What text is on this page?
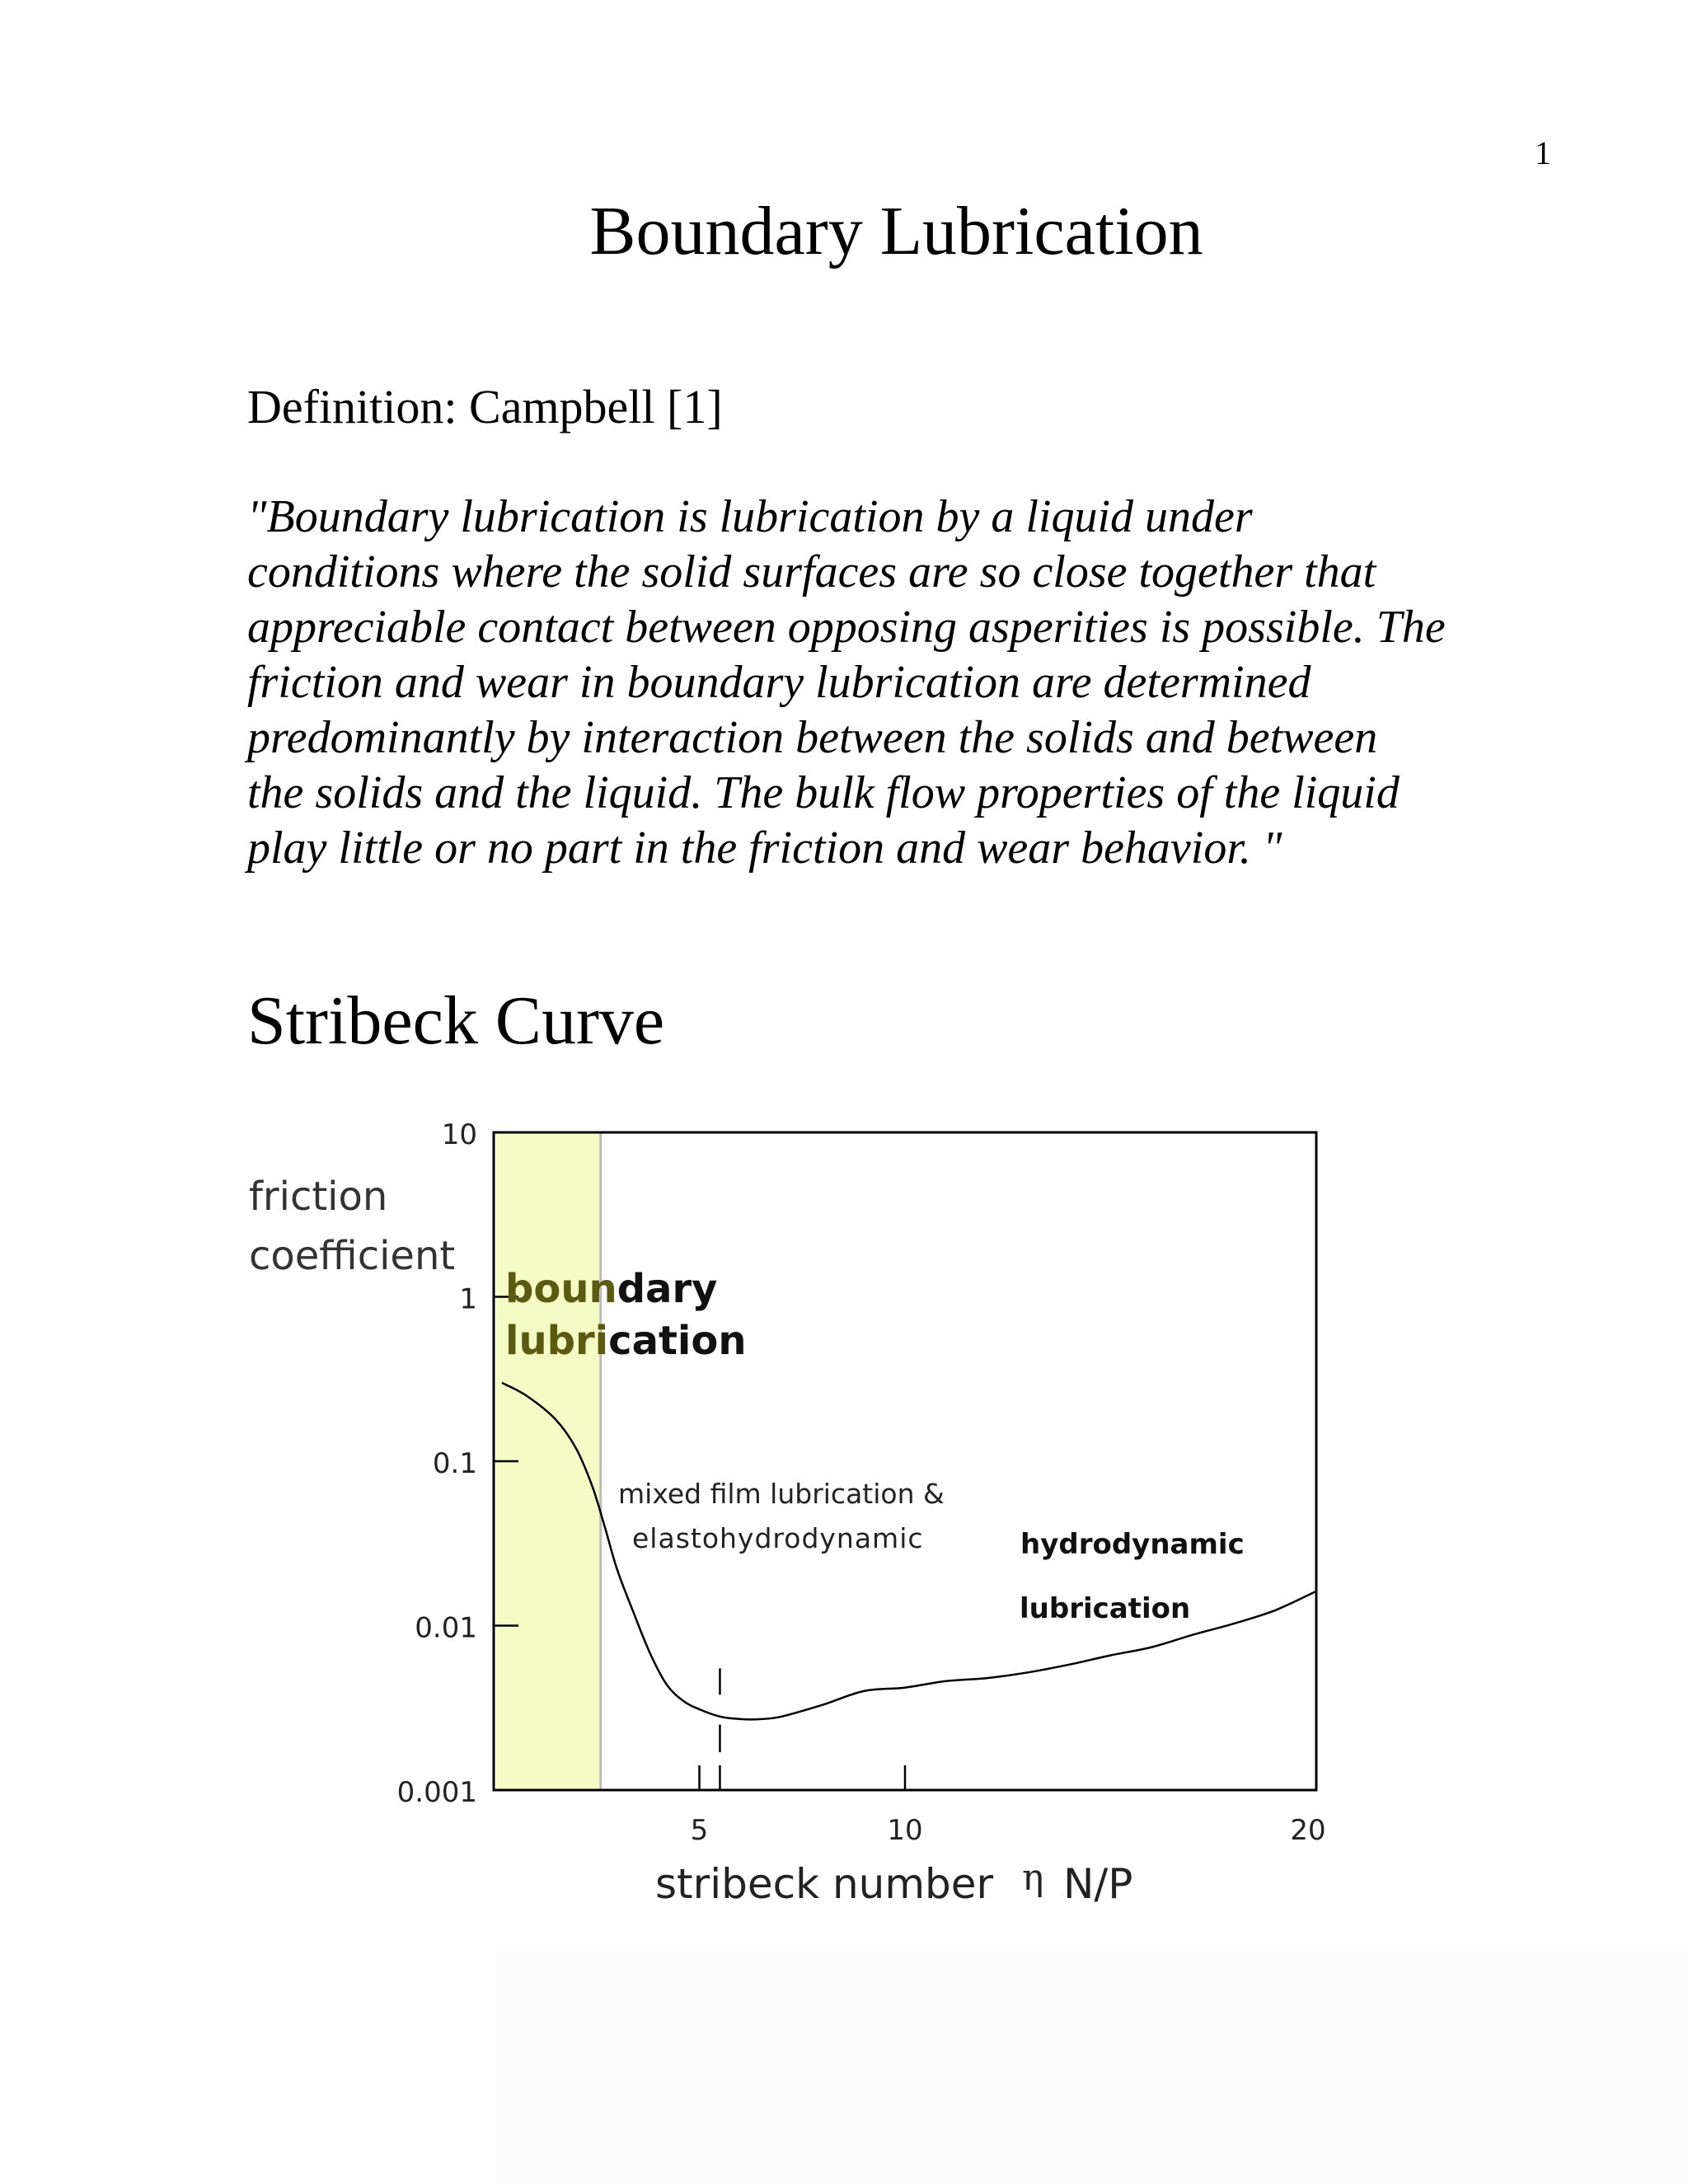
1
Boundary Lubrication
Definition: Campbell [1]
"Boundary lubrication is lubrication by a liquid under
conditions where the solid surfaces are so close together that
appreciable contact between opposing asperities is possible. The
friction and wear in boundary lubrication are determined
predominantly by interaction between the solids and between
the solids and the liquid. The bulk flow properties of the liquid
play little or no part in the friction and wear behavior. "
Stribeck Curve
10
1
0.1
0.01
0.001
5	10	20
friction
coefficient
boundary
lubrication
mixed film lubrication &
elastohydrodynamic	hydrodynamic
lubrication
stribeck number η N/P
